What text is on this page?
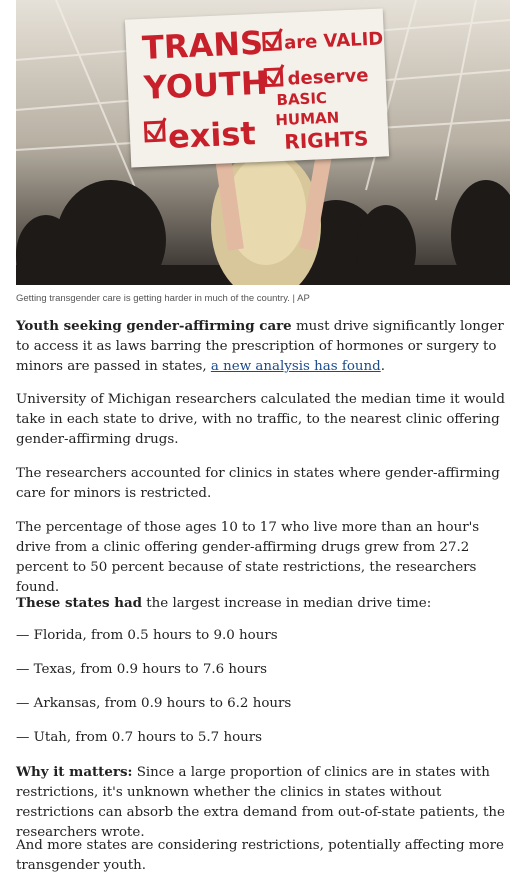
TRANS are VALID
YOUTH deserve
BASIC
exist HUMAN
RIGHTS
Getting transgender care is getting harder in much of the country. | AP

Youth seeking gender-affirming care must drive significantly longer to access it as laws barring the prescription of hormones or surgery to minors are passed in states, a new analysis has found.

University of Michigan researchers calculated the median time it would take in each state to drive, with no traffic, to the nearest clinic offering gender-affirming drugs.

The researchers accounted for clinics in states where gender-affirming care for minors is restricted.

The percentage of those ages 10 to 17 who live more than an hour's drive from a clinic offering gender-affirming drugs grew from 27.2 percent to 50 percent because of state restrictions, the researchers found.

These states had the largest increase in median drive time:

— Florida, from 0.5 hours to 9.0 hours

— Texas, from 0.9 hours to 7.6 hours

— Arkansas, from 0.9 hours to 6.2 hours

— Utah, from 0.7 hours to 5.7 hours

Why it matters: Since a large proportion of clinics are in states with restrictions, it's unknown whether the clinics in states without restrictions can absorb the extra demand from out-of-state patients, the researchers wrote.

And more states are considering restrictions, potentially affecting more transgender youth.
